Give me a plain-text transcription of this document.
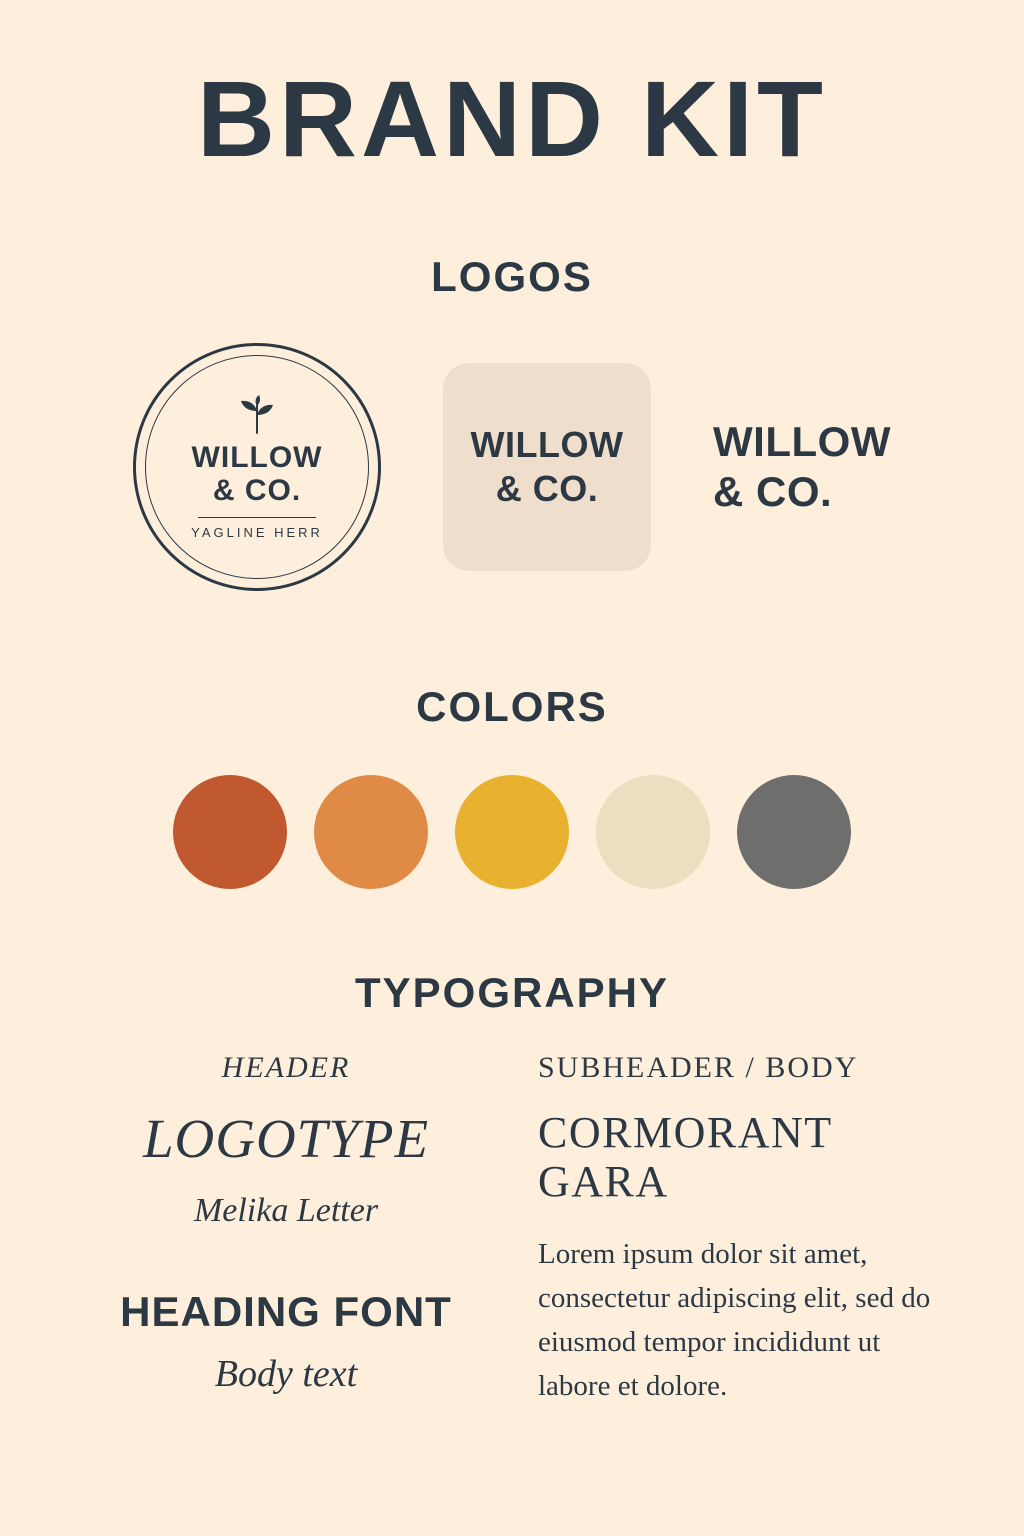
BRAND KIT
LOGOS
WILLOW
& CO.
YAGLINE HERR
WILLOW
& CO.
WILLOW
& CO.
COLORS
TYPOGRAPHY
HEADER
LOGOTYPE
Melika Letter
HEADING FONT
Body text
SUBHEADER / BODY
CORMORANT GARA

Lorem ipsum dolor sit amet, consectetur adipiscing elit, sed do eiusmod tempor incididunt ut labore et dolore.
